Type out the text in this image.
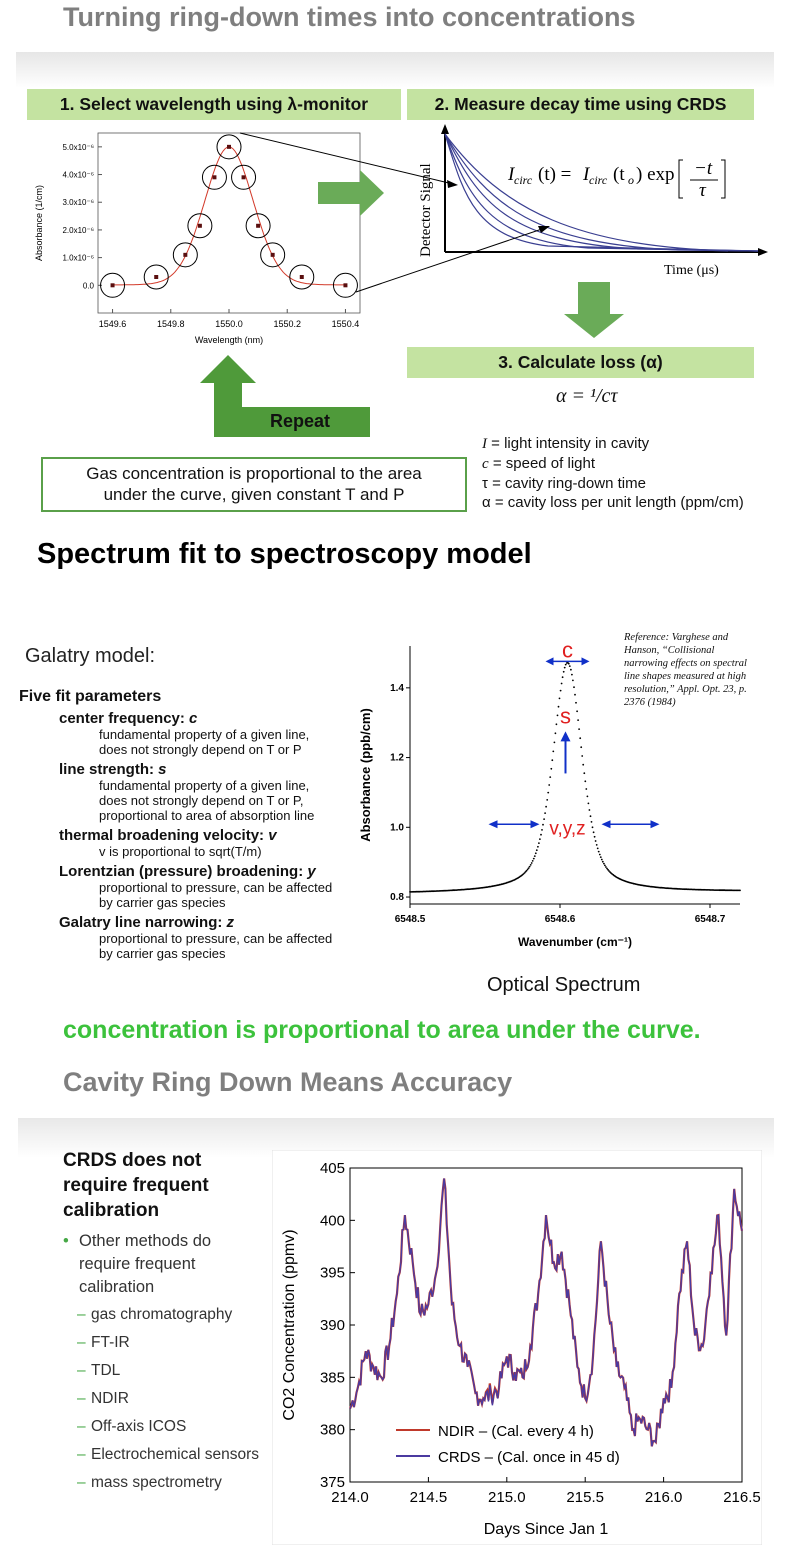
Turning ring-down times into concentrations
1. Select wavelength using λ-monitor	2. Measure decay time using CRDS
1549.6	1549.8	1550.0	1550.2	1550.4
0.0
1.0x10⁻⁶
2.0x10⁻⁶
3.0x10⁻⁶
4.0x10⁻⁶
5.0x10⁻⁶
Wavelength (nm)
Absorbance (1/cm)	Detector Signal
Time (μs)
I circ (t) = I circ (t o ) exp −t
τ
3. Calculate loss (α)
α = ¹/cτ
Repeat
Gas concentration is proportional to the area
under the curve, given constant T and P
I = light intensity in cavity
c = speed of light
τ = cavity ring-down time
α = cavity loss per unit length (ppm/cm)
Spectrum fit to spectroscopy model
Galatry model:
Five fit parameters
center frequency: c
fundamental property of a given line,
does not strongly depend on T or P
line strength: s
fundamental property of a given line,
does not strongly depend on T or P,
proportional to area of absorption line
thermal broadening velocity: v
v is proportional to sqrt(T/m)
Lorentzian (pressure) broadening: y
proportional to pressure, can be affected
by carrier gas species
Galatry line narrowing: z
proportional to pressure, can be affected
by carrier gas species
6548.5	6548.6	6548.7
0.8
1.0
1.2
1.4
Wavenumber (cm⁻¹)
Absorbance (ppb/cm)
c
s
v,y,z
Reference: Varghese and
Hanson, “Collisional
narrowing effects on spectral
line shapes measured at high
resolution,” Appl. Opt. 23, p.
2376 (1984)
Optical Spectrum
concentration is proportional to area under the curve.
Cavity Ring Down Means Accuracy
CRDS does not require frequent calibration
• Other methods do require frequent calibration
– gas chromatography
– FT-IR
– TDL
– NDIR
– Off-axis ICOS
– Electrochemical sensors
– mass spectrometry
214.0	214.5	215.0	215.5	216.0	216.5
375
380
385
390
395
400
405
Days Since Jan 1
CO2 Concentration (ppmv)
NDIR – (Cal. every 4 h)
CRDS – (Cal. once in 45 d)
